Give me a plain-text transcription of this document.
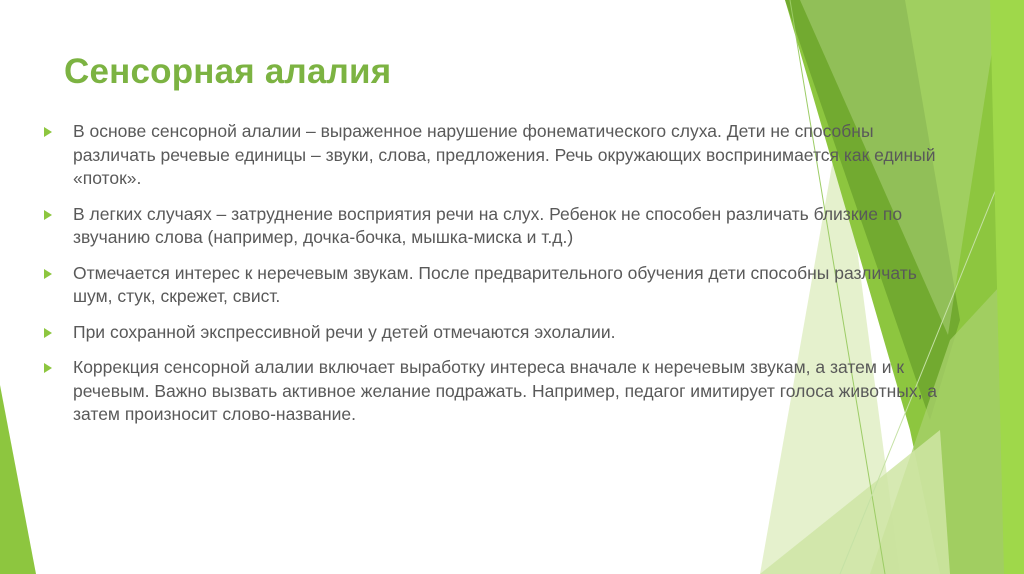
Сенсорная алалия
В основе сенсорной алалии – выраженное нарушение фонематического слуха. Дети не способны различать речевые единицы – звуки, слова, предложения. Речь окружающих воспринимается как единый «поток».
В легких случаях – затруднение восприятия речи на слух. Ребенок не способен различать близкие по звучанию слова (например, дочка-бочка, мышка-миска и т.д.)
Отмечается интерес к неречевым звукам. После предварительного обучения дети способны различать шум, стук, скрежет, свист.
При сохранной экспрессивной речи у детей отмечаются эхолалии.
Коррекция сенсорной алалии включает выработку интереса вначале к неречевым звукам, а затем и к речевым. Важно вызвать активное желание подражать. Например, педагог имитирует голоса животных, а затем произносит слово-название.
